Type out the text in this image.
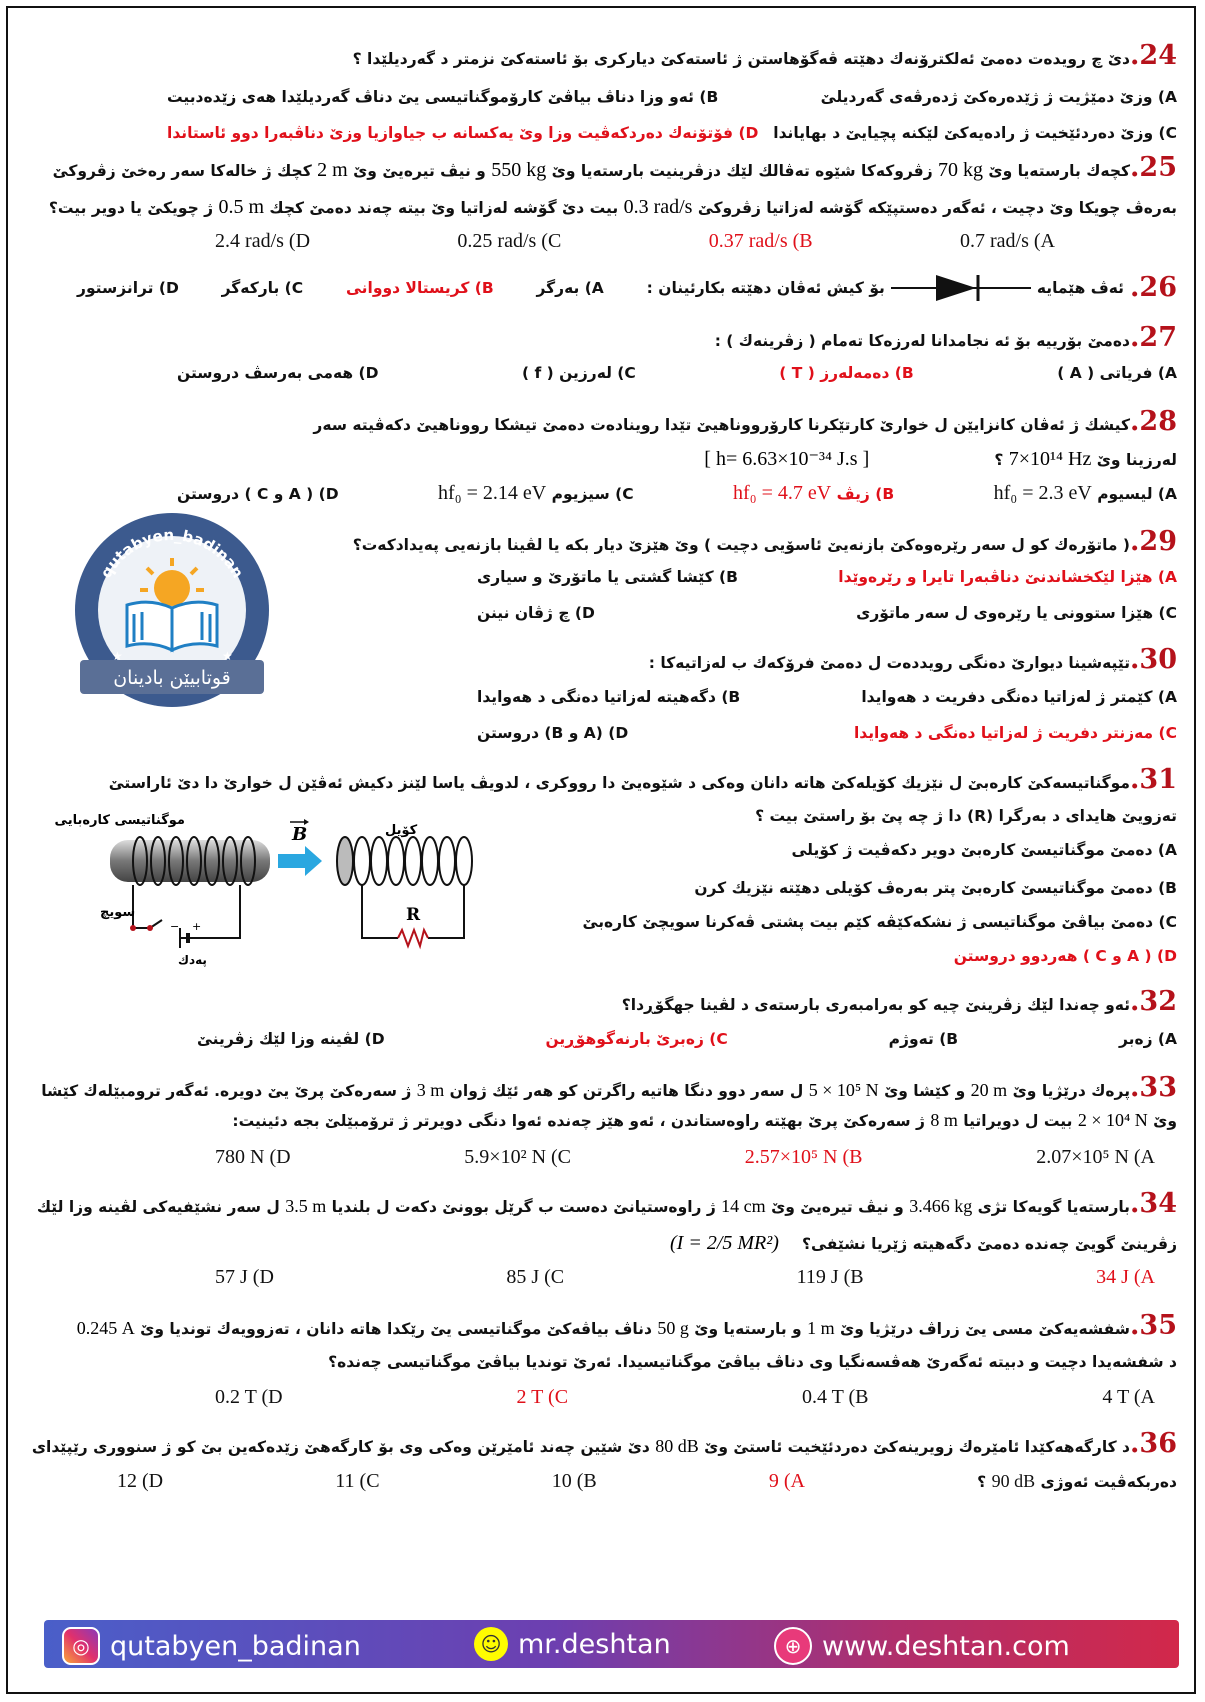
24.دێ چ رویدەت دەمێ ئەلکترۆنەك دهێتە ڤەگۆهاستن ژ ئاستەکێ دیارکری بۆ ئاستەکێ نزمتر د گەردیلێدا ؟
A) وزێ دمێژیت ژ ژێدەرەکێ ژدەرڤەی گەردیلێ
B) ئەو وزا دناڤ بیاڤێ کارۆموگناتیسی یێ دناڤ گەردیلێدا هەی زێدەدبیت
C) وزێ دەردئێخیت ژ رادەیەکێ لێکنە پچیایێ د بهایاندا
D) فۆتۆنەك دەردکەڤیت وزا وێ یەکسانە ب جیاوازیا وزێ دناڤبەرا دوو ئاستاندا
25.کچەك بارستەیا وێ 70 kg زڤروکەکا شێوە تەڤالك لێك دزڤرینیت بارستەیا وێ 550 kg و نیڤ تیرەیێ وێ 2 m کچك ژ خالەکا سەر رەخێ زڤروکێ
بەرەڤ چویکا وێ دچیت ، ئەگەر دەستپێکە گۆشە لەزاتیا زڤروکێ 0.3 rad/s بیت دێ گۆشە لەزاتیا وێ بیتە چەند دەمێ کچك 0.5 m ژ چویکێ یا دویر بیت؟
0.7 rad/s (A
0.37 rad/s (B
0.25 rad/s (C
2.4 rad/s (D
26.
ئەڤ هێمایە
بۆ کیش ئەڤان دهێتە بکارئینان :
A) بەرگر
B) کریستالا دووانی
C) بارکەگر
D) ترانزستور
27.دەمێ بۆرییە بۆ ئە نجامدانا لەرزەکا تەمام ( زڤرینەك ) :
A) فریاتی ( A )
B) دەمەلەرز ( T )
C) لەرزین ( f )
D) هەمی بەرسڤ دروستن
28.کیشك ژ ئەڤان کانزایێن ل خوارێ کارتێکرنا کارۆرووناهیێ تێدا روینادەت دەمێ تیشکا رووناهیێ دکەڤیتە سەر
لەرزینا وێ 7×10¹⁴ Hz ؟ [ h= 6.63×10⁻³⁴ J.s ]
A) لیسیوم hf₀ = 2.3 eV
B) زیڤ hf₀ = 4.7 eV
C) سیزیوم hf₀ = 2.14 eV
D) ( A و C ) دروستن
qutabyen_badinan
قوتابیێن بادینان
★	★
29.( ماتۆرەك کو ل سەر رێرەوەکێ بازنەیێ ئاسۆیی دچیت ) وێ هێزێ دیار بکە یا لڤینا بازنەیی پەیدادکەت؟
A) هێزا لێکخشاندنێ دناڤبەرا تایرا و رێرەوێدا
B) کێشا گشتی یا ماتۆرێ و سیاری
C) هێزا ستوونی یا رێرەوی ل سەر ماتۆری
D) چ ژڤان نینن
30.تێپەشینا دیوارێ دەنگی رویددەت ل دەمێ فرۆکەك ب لەزاتیەکا :
A) کێمتر ژ لەزاتیا دەنگی دفریت د هەوایدا
B) دگەهیتە لەزاتیا دەنگی د هەوایدا
C) مەزنتر دفریت ژ لەزاتیا دەنگی د هەوایدا
D) (A و B) دروستن
31.موگناتیسەکێ کارەبێ ل نێزیك کۆیلەکێ هاتە دانان وەکی د شێوەیێ دا رووکری ، لدویڤ یاسا لێنز دکیش ئەڤێن ل خوارێ دا دێ ئاراستێ
تەزویێ هایدای د بەرگرا (R) دا ژ چە پێ بۆ راستێ بیت ؟
A) دەمێ موگناتیسێ کارەبێ دویر دکەڤیت ژ کۆیلی
B) دەمێ موگناتیسێ کارەبێ پتر بەرەڤ کۆیلی دهێتە نێزیك کرن
C) دەمێ بیاڤێ موگناتیسی ژ نشکەکێڤە کێم بیت پشتی ڤەکرنا سویچێ کارەبێ
D) ( A و C ) هەردوو دروستن
موگناتیسی کارەبایی
− +
سویچ
پەدك
B	کۆیل
R
32.ئەو چەندا لێك زڤرینێ چیە کو بەرامبەری بارستەی د لڤینا جهگۆڕدا؟
A) زەبر
B) تەوژم
C) زەبرێ بارنەگوهۆڕین
D) لڤینە وزا لێك زڤرینێ
33.پرەك درێژیا وێ 20 m و کێشا وێ 5 × 10⁵ N ل سەر دوو دنگا هاتیە راگرتن کو هەر ئێك ژوان 3 m ژ سەرەکێ پرێ یێ دویرە. ئەگەر ترومبێلەك کێشا
وێ 2 × 10⁴ N بیت ل دویراتیا 8 m ژ سەرەکێ پرێ بهێتە راوەستاندن ، ئەو هێز چەندە ئەوا دنگی دویرتر ژ ترۆمبێلێ بجە دئینیت:
2.07×10⁵ N (A
2.57×10⁵ N (B
5.9×10² N (C
780 N (D
34.بارستەیا گویەکا تژی 3.466 kg و نیڤ تیرەیێ وێ 14 cm ژ راوەستیانێ دەست ب گرێل بوونێ دکەت ل بلندیا 3.5 m ل سەر نشێفیەکی لڤینە وزا لێك
زڤرینێ گویێ چەندە دەمێ دگەهیتە ژێریا نشێفی؟ (I = 2/5 MR²)
34 J (A
119 J (B
85 J (C
57 J (D
35.شفشەیەکێ مسی یێ زراڤ درێژیا وێ 1 m و بارستەیا وێ 50 g دناڤ بیاڤەکێ موگناتیسی یێ رێکدا هاتە دانان ، تەزوویەك توندیا وێ 0.245 A
د شفشەیدا دچیت و دبیتە ئەگەرێ هەڤسەنگیا وی دناڤ بیاڤێ موگناتیسیدا. ئەرێ توندیا بیاڤێ موگناتیسی چەندە؟
4 T (A
0.4 T (B
2 T (C
0.2 T (D
36.د کارگەهەکێدا ئامێرەك زویرینەکێ دەردئێخیت ئاستێ وێ 80 dB دێ شێین چەند ئامێرێن وەکی وی بۆ کارگەهێ زێدەکەین بێ کو ژ سنووری رێپێدای
دەربکەڤیت ئەوژی 90 dB ؟
9 (A
10 (B
11 (C
12 (D
◎ qutabyen_badinan	☺ mr.deshtan	⊕ www.deshtan.com
